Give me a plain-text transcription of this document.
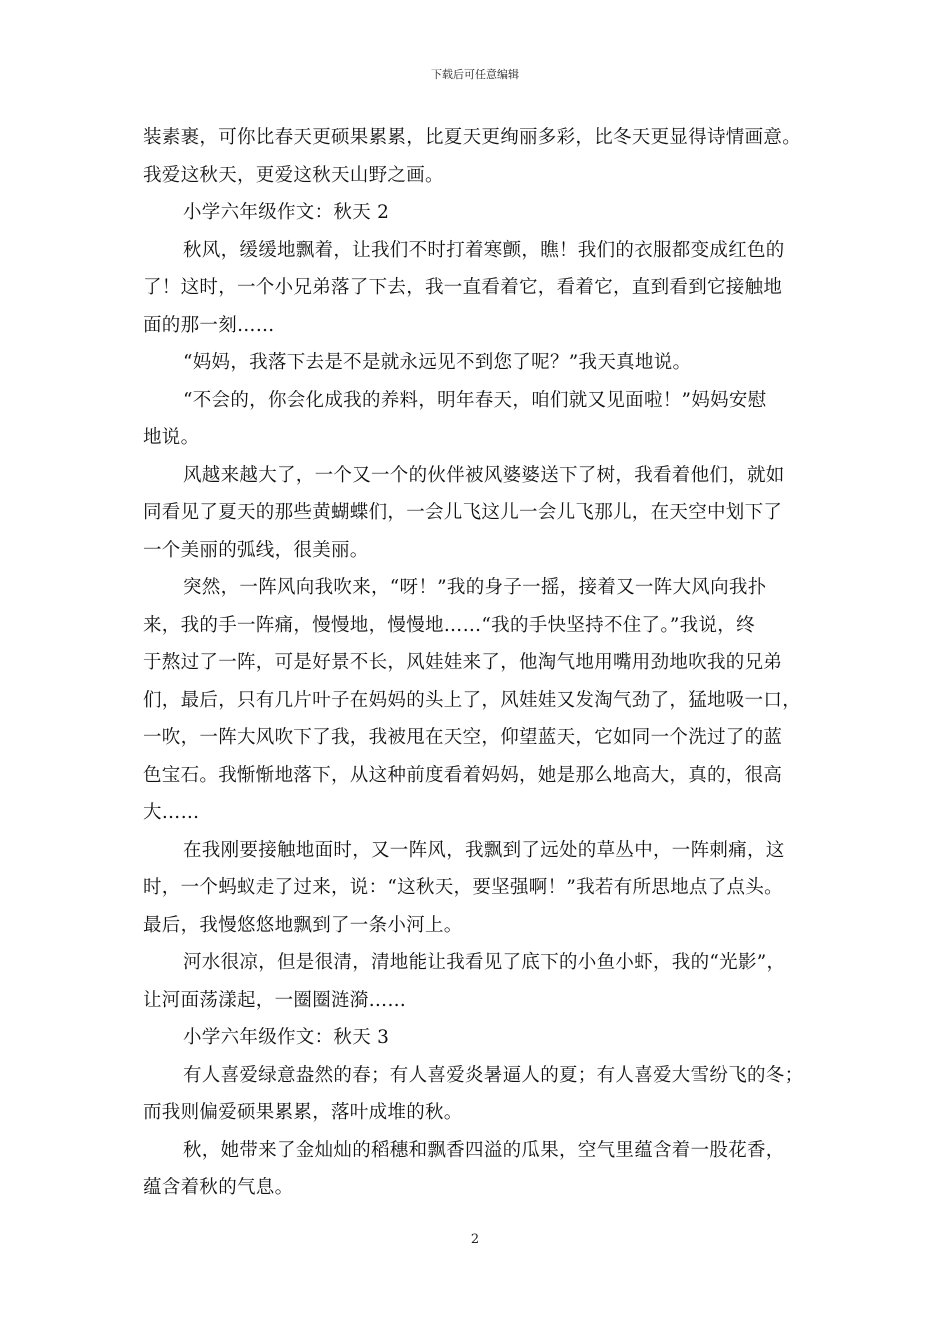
下载后可任意编辑
装素裹，可你比春天更硕果累累，比夏天更绚丽多彩，比冬天更显得诗情画意。
我爱这秋天，更爱这秋天山野之画。
小学六年级作文：秋天 2
秋风，缓缓地飘着，让我们不时打着寒颤，瞧！我们的衣服都变成红色的
了！这时，一个小兄弟落了下去，我一直看着它，看着它，直到看到它接触地
面的那一刻……
“妈妈，我落下去是不是就永远见不到您了呢？”我天真地说。
“不会的，你会化成我的养料，明年春天，咱们就又见面啦！”妈妈安慰
地说。
风越来越大了，一个又一个的伙伴被风婆婆送下了树，我看着他们，就如
同看见了夏天的那些黄蝴蝶们，一会儿飞这儿一会儿飞那儿，在天空中划下了
一个美丽的弧线，很美丽。
突然，一阵风向我吹来，“呀！”我的身子一摇，接着又一阵大风向我扑
来，我的手一阵痛，慢慢地，慢慢地……“我的手快坚持不住了。”我说，终
于熬过了一阵，可是好景不长，风娃娃来了，他淘气地用嘴用劲地吹我的兄弟
们，最后，只有几片叶子在妈妈的头上了，风娃娃又发淘气劲了，猛地吸一口，
一吹，一阵大风吹下了我，我被甩在天空，仰望蓝天，它如同一个洗过了的蓝
色宝石。我惭惭地落下，从这种前度看着妈妈，她是那么地高大，真的，很高
大……
在我刚要接触地面时，又一阵风，我飘到了远处的草丛中，一阵刺痛，这
时，一个蚂蚁走了过来，说：“这秋天，要坚强啊！”我若有所思地点了点头。
最后，我慢悠悠地飘到了一条小河上。
河水很凉，但是很清，清地能让我看见了底下的小鱼小虾，我的“光影”，
让河面荡漾起，一圈圈涟漪……
小学六年级作文：秋天 3
有人喜爱绿意盎然的春；有人喜爱炎暑逼人的夏；有人喜爱大雪纷飞的冬；
而我则偏爱硕果累累，落叶成堆的秋。
秋，她带来了金灿灿的稻穗和飘香四溢的瓜果，空气里蕴含着一股花香，
蕴含着秋的气息。
2
